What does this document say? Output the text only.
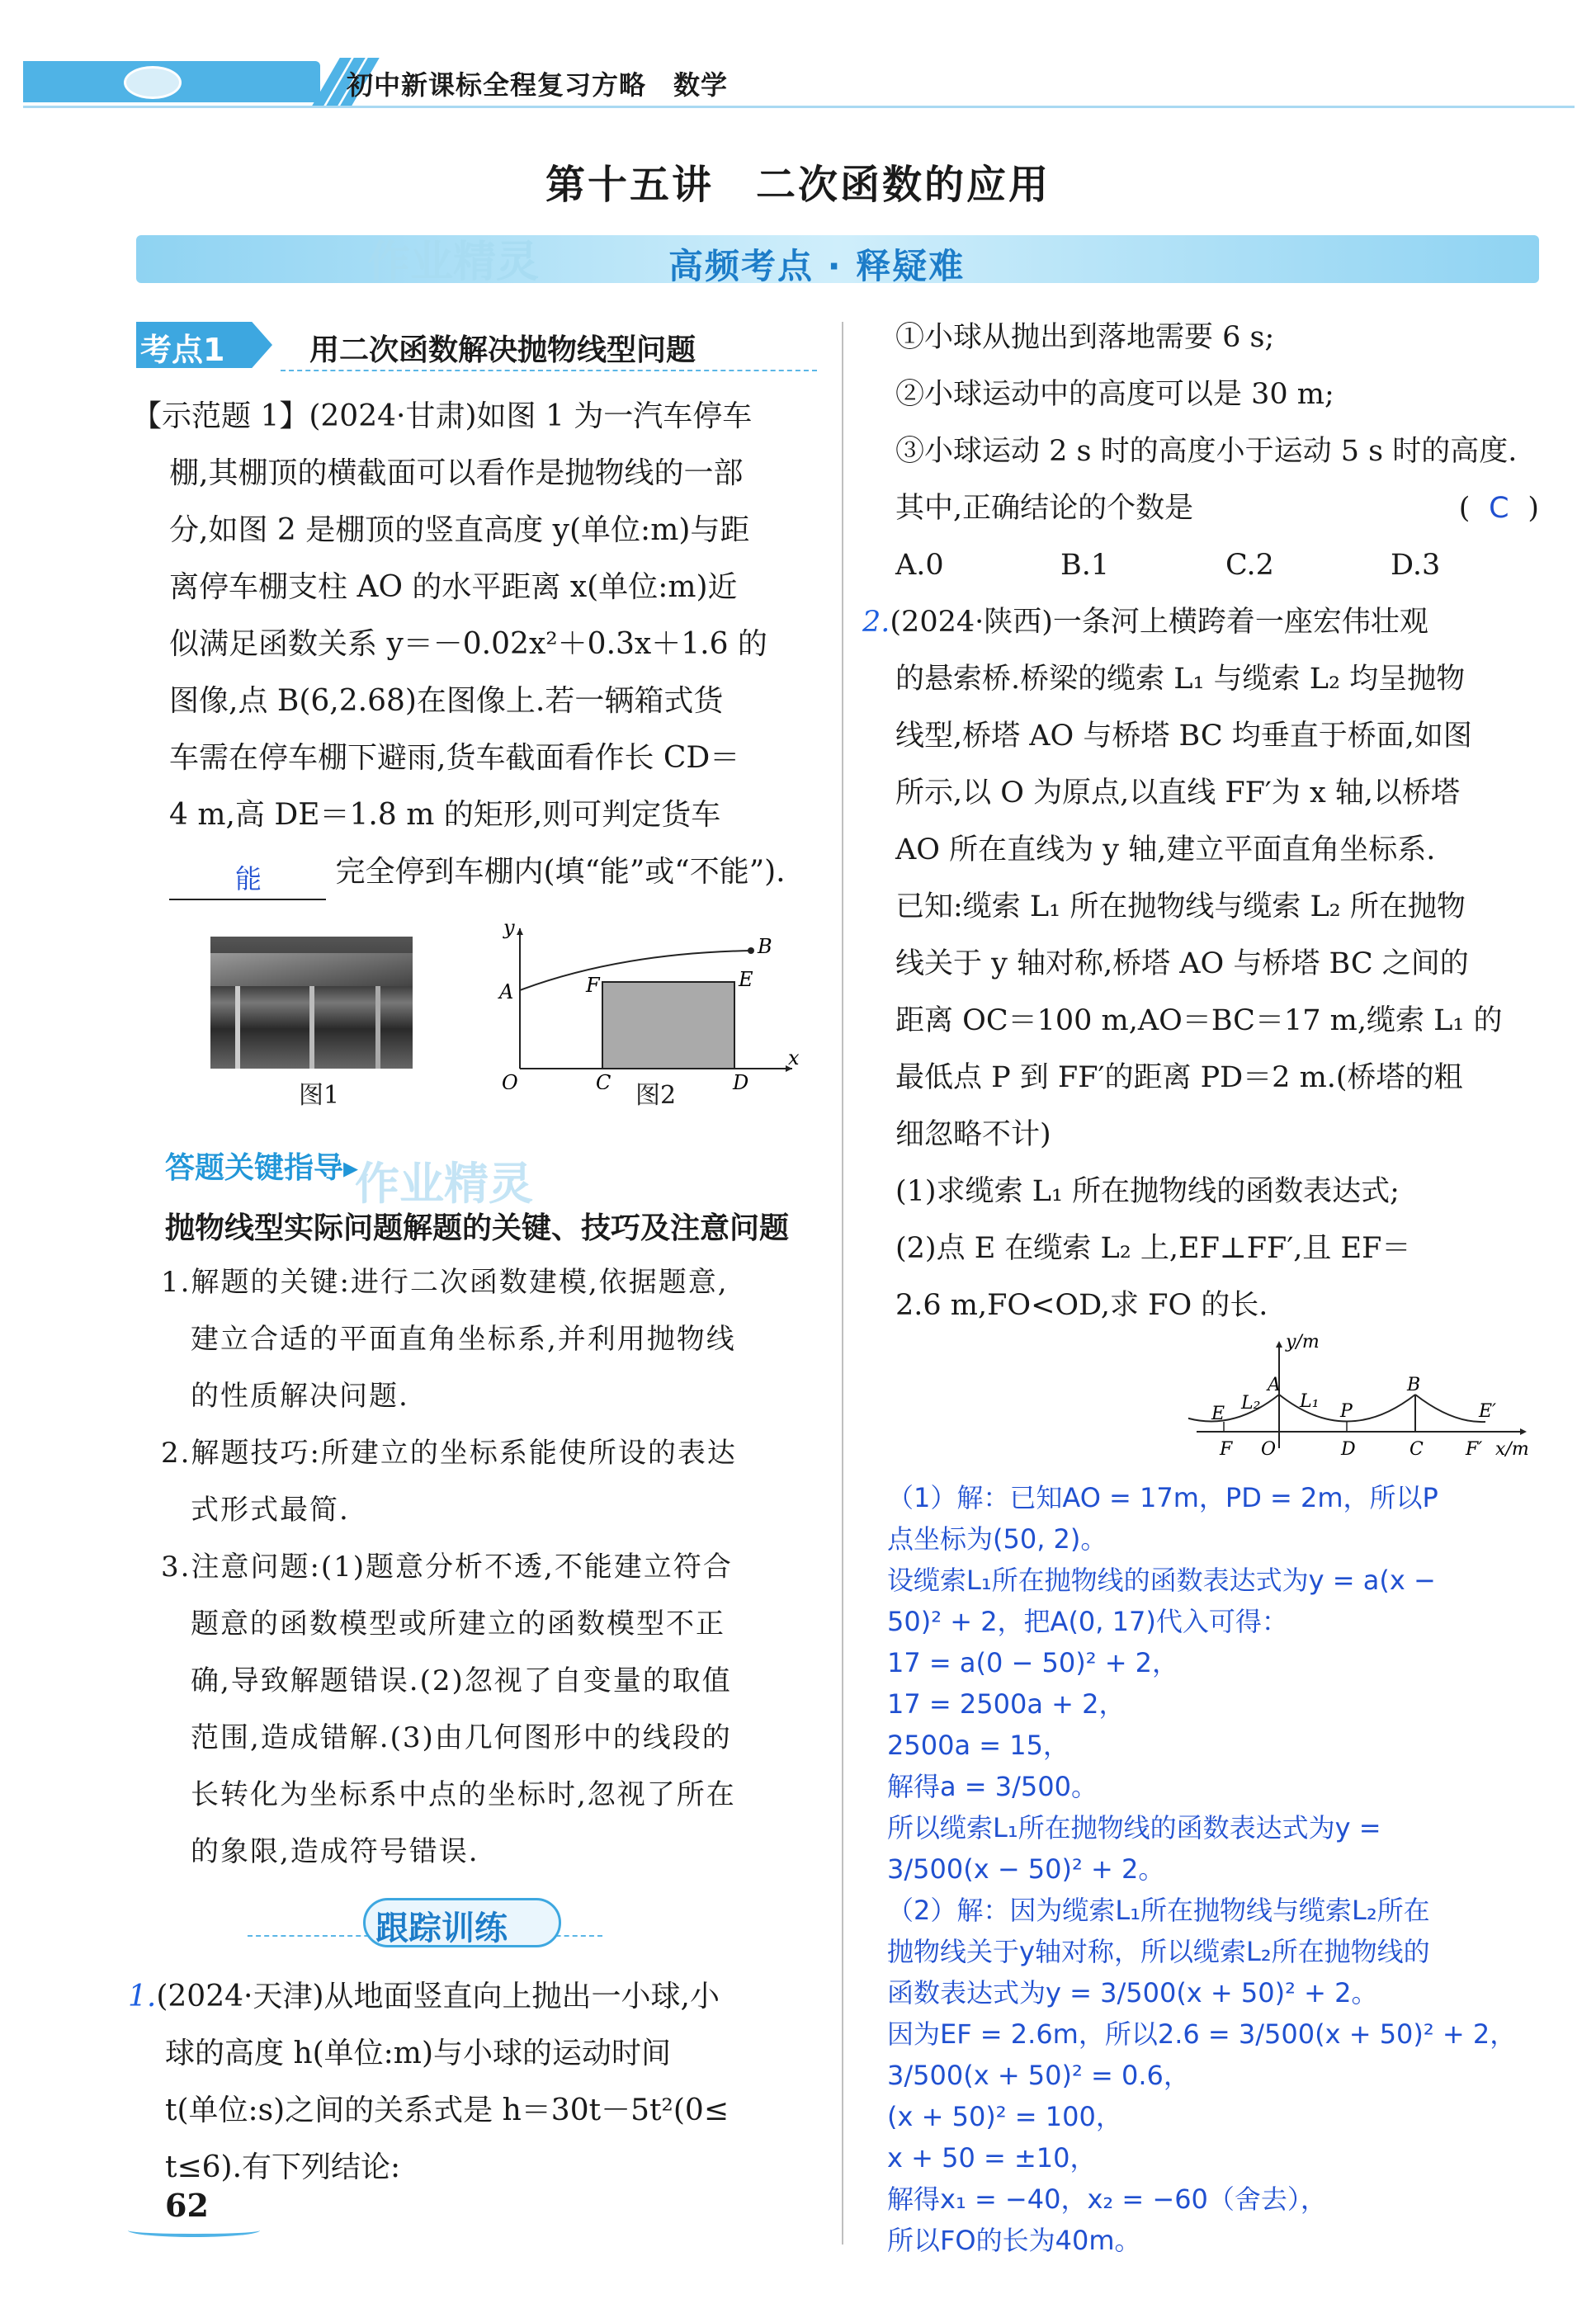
初中新课标全程复习方略　 数学
第十五讲　二次函数的应用
作业精灵	高频考点 · 释疑难
考点1	用二次函数解决抛物线型问题
【示范题 1】(2024·甘肃)如图 1 为一汽车停车
棚,其棚顶的横截面可以看作是抛物线的一部
分,如图 2 是棚顶的竖直高度 y(单位:m)与距
离停车棚支柱 AO 的水平距离 x(单位:m)近
似满足函数关系 y＝－0.02x²＋0.3x＋1.6 的
图像,点 B(6,2.68)在图像上.若一辆箱式货
车需在停车棚下避雨,货车截面看作长 CD＝
4 m,高 DE＝1.8 m 的矩形,则可判定货车
能 完全停到车棚内(填“能”或“不能”).
图1
y
x
O
A
B
C	D
F	E
图2
答题关键指导▸
作业精灵
抛物线型实际问题解题的关键、技巧及注意问题
1.解题的关键:进行二次函数建模,依据题意,
　建立合适的平面直角坐标系,并利用抛物线
　的性质解决问题.
2.解题技巧:所建立的坐标系能使所设的表达
　式形式最简.
3.注意问题:(1)题意分析不透,不能建立符合
　题意的函数模型或所建立的函数模型不正
　确,导致解题错误.(2)忽视了自变量的取值
　范围,造成错解.(3)由几何图形中的线段的
　长转化为坐标系中点的坐标时,忽视了所在
　的象限,造成符号错误.
跟踪训练
1.(2024·天津)从地面竖直向上抛出一小球,小
球的高度 h(单位:m)与小球的运动时间
t(单位:s)之间的关系式是 h＝30t－5t²(0≤
t≤6).有下列结论:
62
①小球从抛出到落地需要 6 s;
②小球运动中的高度可以是 30 m;
③小球运动 2 s 时的高度小于运动 5 s 时的高度.
其中,正确结论的个数是	( C )
A.0	B.1	C.2	D.3
2.(2024·陕西)一条河上横跨着一座宏伟壮观
的悬索桥.桥梁的缆索 L₁ 与缆索 L₂ 均呈抛物
线型,桥塔 AO 与桥塔 BC 均垂直于桥面,如图
所示,以 O 为原点,以直线 FF′为 x 轴,以桥塔
AO 所在直线为 y 轴,建立平面直角坐标系.
已知:缆索 L₁ 所在抛物线与缆索 L₂ 所在抛物
线关于 y 轴对称,桥塔 AO 与桥塔 BC 之间的
距离 OC＝100 m,AO＝BC＝17 m,缆索 L₁ 的
最低点 P 到 FF′的距离 PD＝2 m.(桥塔的粗
细忽略不计)
(1)求缆索 L₁ 所在抛物线的函数表达式;
(2)点 E 在缆索 L₂ 上,EF⊥FF′,且 EF＝
2.6 m,FO<OD,求 FO 的长.
y/m
x/m
A	B
P
L₁
L₂
E	E′
F	F′
O	D	C
（1）解：已知AO = 17m，PD = 2m，所以P
点坐标为(50, 2)。
设缆索L₁所在抛物线的函数表达式为y = a(x −
50)² + 2，把A(0, 17)代入可得：
17 = a(0 − 50)² + 2，
17 = 2500a + 2，
2500a = 15，
解得a = 3/500。
所以缆索L₁所在抛物线的函数表达式为y =
3/500(x − 50)² + 2。
（2）解：因为缆索L₁所在抛物线与缆索L₂所在
抛物线关于y轴对称，所以缆索L₂所在抛物线的
函数表达式为y = 3/500(x + 50)² + 2。
因为EF = 2.6m，所以2.6 = 3/500(x + 50)² + 2，
3/500(x + 50)² = 0.6，
(x + 50)² = 100，
x + 50 = ±10，
解得x₁ = −40，x₂ = −60（舍去），
所以FO的长为40m。
